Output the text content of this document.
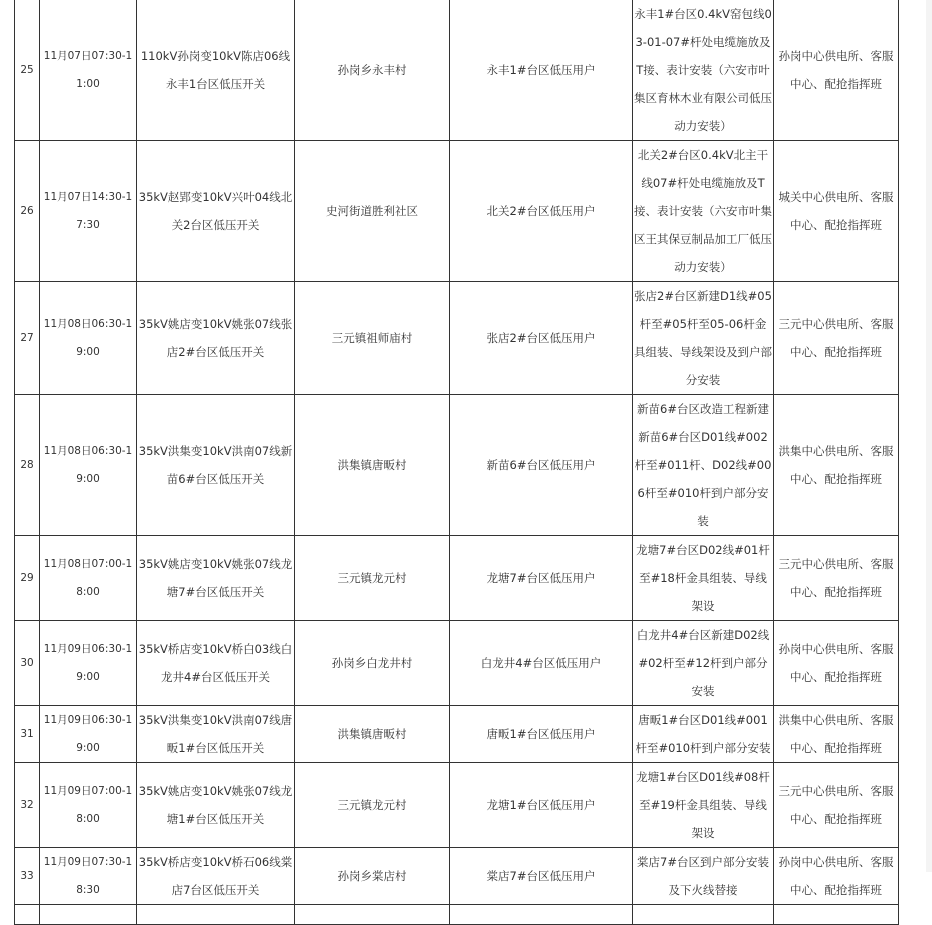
25	11月07日07:30-11:00	110kV孙岗变10kV陈店06线永丰1台区低压开关	孙岗乡永丰村	永丰1#台区低压用户	永丰1#台区0.4kV窑包线03-01-07#杆处电缆施放及T接、表计安装（六安市叶集区育林木业有限公司低压动力安装）	孙岗中心供电所、客服中心、配抢指挥班
26	11月07日14:30-17:30	35kV赵郢变10kV兴叶04线北关2台区低压开关	史河街道胜利社区	北关2#台区低压用户	北关2#台区0.4kV北主干线07#杆处电缆施放及T接、表计安装（六安市叶集区王其保豆制品加工厂低压动力安装）	城关中心供电所、客服中心、配抢指挥班
27	11月08日06:30-19:00	35kV姚店变10kV姚张07线张店2#台区低压开关	三元镇祖师庙村	张店2#台区低压用户	张店2#台区新建D1线#05杆至#05杆至05-06杆金具组装、导线架设及到户部分安装	三元中心供电所、客服中心、配抢指挥班
28	11月08日06:30-19:00	35kV洪集变10kV洪南07线新苗6#台区低压开关	洪集镇唐畈村	新苗6#台区低压用户	新苗6#台区改造工程新建新苗6#台区D01线#002杆至#011杆、D02线#006杆至#010杆到户部分安装	洪集中心供电所、客服中心、配抢指挥班
29	11月08日07:00-18:00	35kV姚店变10kV姚张07线龙塘7#台区低压开关	三元镇龙元村	龙塘7#台区低压用户	龙塘7#台区D02线#01杆至#18杆金具组装、导线架设	三元中心供电所、客服中心、配抢指挥班
30	11月09日06:30-19:00	35kV桥店变10kV桥白03线白龙井4#台区低压开关	孙岗乡白龙井村	白龙井4#台区低压用户	白龙井4#台区新建D02线#02杆至#12杆到户部分安装	孙岗中心供电所、客服中心、配抢指挥班
31	11月09日06:30-19:00	35kV洪集变10kV洪南07线唐畈1#台区低压开关	洪集镇唐畈村	唐畈1#台区低压用户	唐畈1#台区D01线#001杆至#010杆到户部分安装	洪集中心供电所、客服中心、配抢指挥班
32	11月09日07:00-18:00	35kV姚店变10kV姚张07线龙塘1#台区低压开关	三元镇龙元村	龙塘1#台区低压用户	龙塘1#台区D01线#08杆至#19杆金具组装、导线架设	三元中心供电所、客服中心、配抢指挥班
33	11月09日07:30-18:30	35kV桥店变10kV桥石06线棠店7台区低压开关	孙岗乡棠店村	棠店7#台区低压用户	棠店7#台区到户部分安装及下火线替接	孙岗中心供电所、客服中心、配抢指挥班
